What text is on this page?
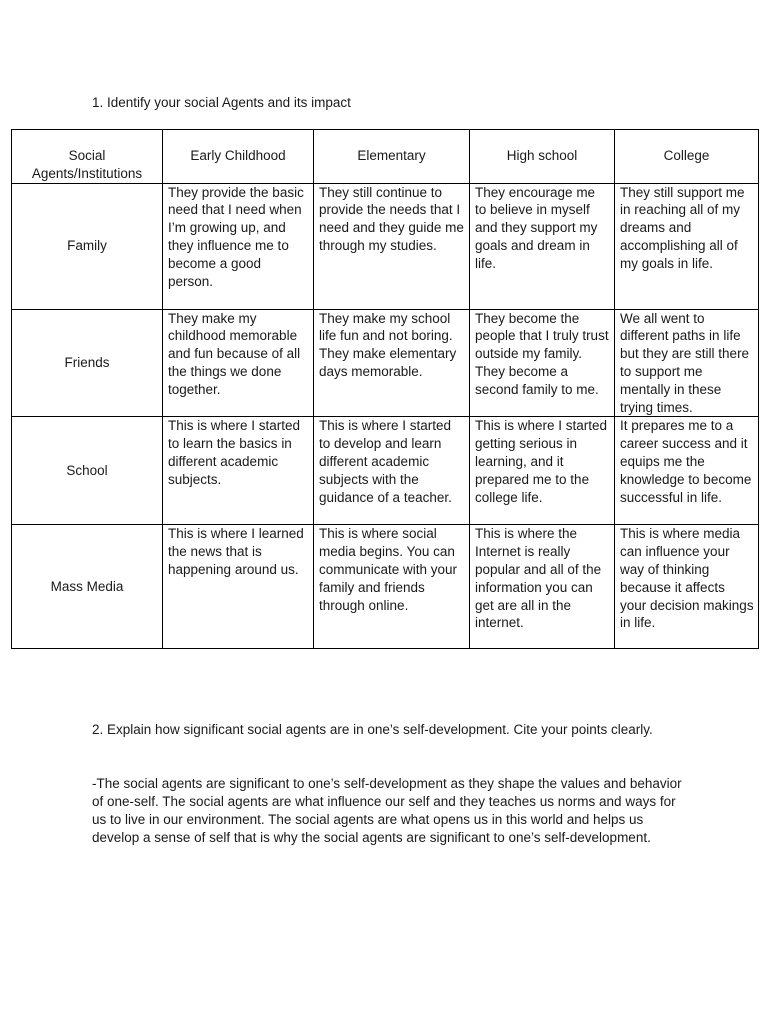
1. Identify your social Agents and its impact
Social Agents/Institutions	Early Childhood	Elementary	High school	College
Family	They provide the basic need that I need when I’m growing up, and they influence me to become a good person.	They still continue to provide the needs that I need and they guide me through my studies.	They encourage me to believe in myself and they support my goals and dream in life.	They still support me in reaching all of my dreams and accomplishing all of my goals in life.
Friends	They make my childhood memorable and fun because of all the things we done together.	They make my school life fun and not boring. They make elementary days memorable.	They become the people that I truly trust outside my family. They become a second family to me.	We all went to different paths in life but they are still there to support me mentally in these trying times.
School	This is where I started to learn the basics in different academic subjects.	This is where I started to develop and learn different academic subjects with the guidance of a teacher.	This is where I started getting serious in learning, and it prepared me to the college life.	It prepares me to a career success and it equips me the knowledge to become successful in life.
Mass Media	This is where I learned the news that is happening around us.	This is where social media begins. You can communicate with your family and friends through online.	This is where the Internet is really popular and all of the information you can get are all in the internet.	This is where media can influence your way of thinking because it affects your decision makings in life.
2. Explain how significant social agents are in one’s self-development. Cite your points clearly.
-The social agents are significant to one’s self-development as they shape the values and behavior of one-self. The social agents are what influence our self and they teaches us norms and ways for us to live in our environment. The social agents are what opens us in this world and helps us develop a sense of self that is why the social agents are significant to one’s self-development.
